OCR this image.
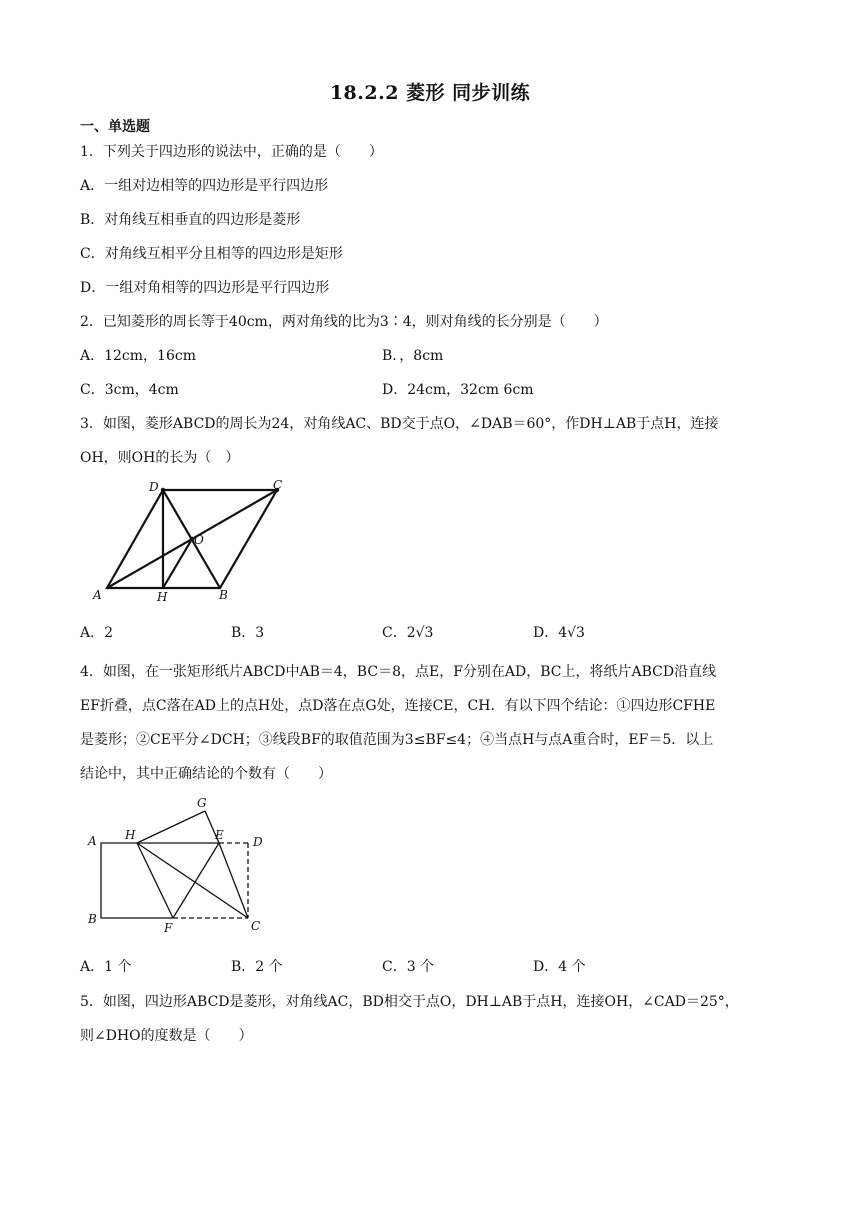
18.2.2 菱形 同步训练
一、单选题
1．下列关于四边形的说法中，正确的是（　　）
A．一组对边相等的四边形是平行四边形
B．对角线互相垂直的四边形是菱形
C．对角线互相平分且相等的四边形是矩形
D．一组对角相等的四边形是平行四边形
2．已知菱形的周长等于40cm，两对角线的比为3∶4，则对角线的长分别是（　　）
A．12cm，16cm	B．，8cm
C．3cm，4cm	D．24cm，32cm 6cm
3．如图，菱形ABCD的周长为24，对角线AC、BD交于点O，∠DAB＝60°，作DH⊥AB于点H，连接
OH，则OH的长为（　）
D	C
O
A	H	B
A．2	B．3	C．2√3	D．4√3
4．如图，在一张矩形纸片ABCD中AB＝4，BC＝8，点E，F分别在AD，BC上，将纸片ABCD沿直线
EF折叠，点C落在AD上的点H处，点D落在点G处，连接CE，CH．有以下四个结论：①四边形CFHE
是菱形；②CE平分∠DCH；③线段BF的取值范围为3≤BF≤4；④当点H与点A重合时，EF＝5．以上
结论中，其中正确结论的个数有（　　）
G
A H	E D
B
F	C
A．1 个	B．2 个	C．3 个	D．4 个
5．如图，四边形ABCD是菱形，对角线AC，BD相交于点O，DH⊥AB于点H，连接OH，∠CAD＝25°，
则∠DHO的度数是（　　）
